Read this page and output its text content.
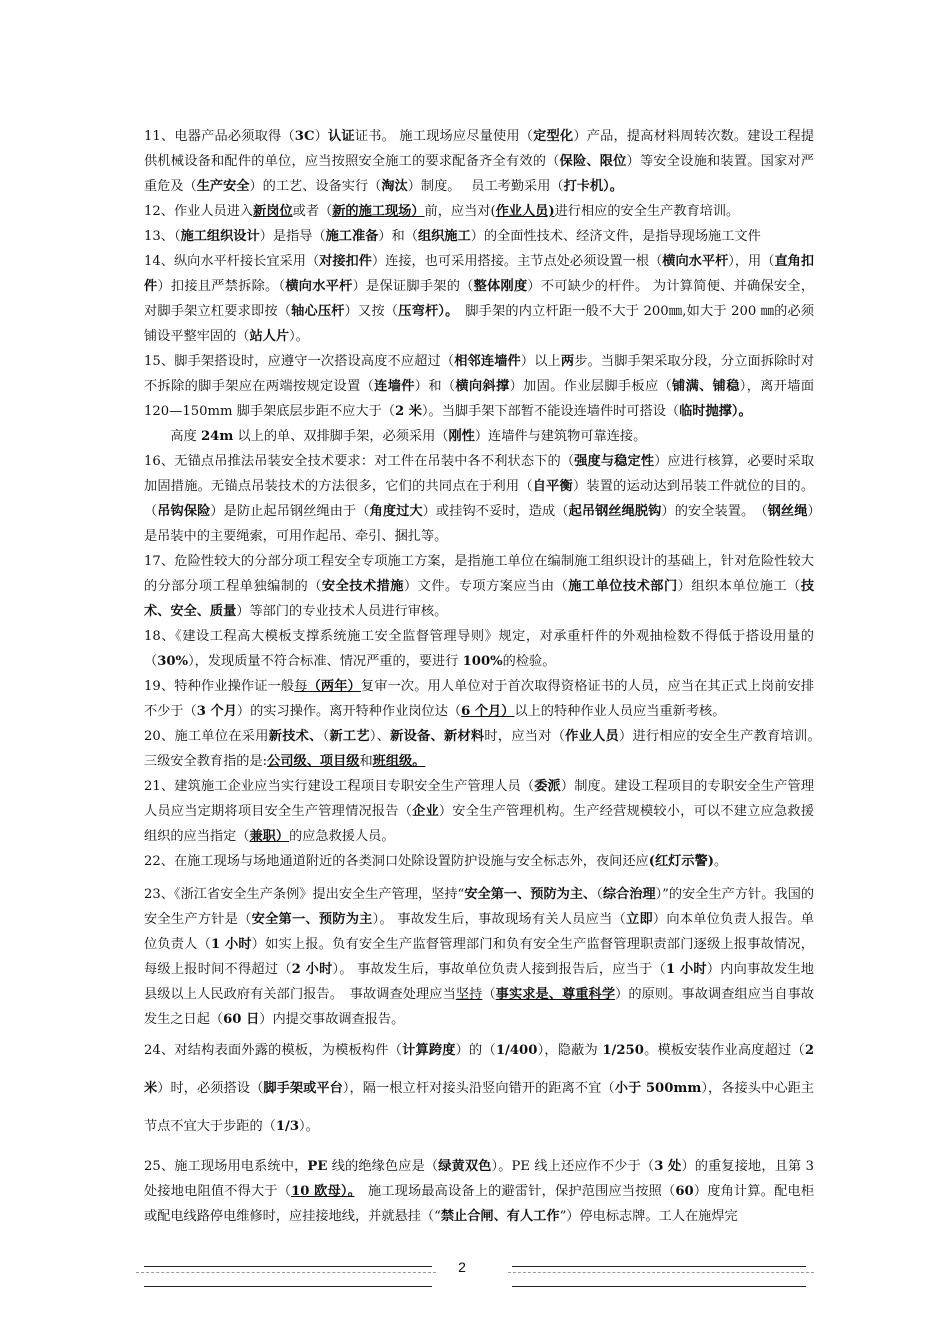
11、电器产品必须取得（3C）认证证书。 施工现场应尽量使用（定型化）产品，提高材料周转次数。建设工程提供机械设备和配件的单位，应当按照安全施工的要求配备齐全有效的（保险、限位）等安全设施和装置。国家对严重危及（生产安全）的工艺、设备实行（淘汰）制度。　 员工考勤采用（打卡机）。

12、作业人员进入新岗位或者（新的施工现场）前，应当对(作业人员)进行相应的安全生产教育培训。

13、（施工组织设计）是指导（施工准备）和（组织施工）的全面性技术、经济文件，是指导现场施工文件

14、纵向水平杆接长宜采用（对接扣件）连接，也可采用搭接。主节点处必须设置一根（横向水平杆），用（直角扣件）扣接且严禁拆除。（横向水平杆）是保证脚手架的（整体刚度）不可缺少的杆件。 为计算简便、并确保安全，对脚手架立杠要求即按（轴心压杆）又按（压弯杆）。　脚手架的内立杆距一般不大于 200㎜,如大于 200 ㎜的必须铺设平整牢固的（站人片）。

15、脚手架搭设时，应遵守一次搭设高度不应超过（相邻连墙件）以上两步。当脚手架采取分段，分立面拆除时对不拆除的脚手架应在两端按规定设置（连墙件）和（横向斜撑）加固。作业层脚手板应（铺满、铺稳），离开墙面 120—150mm 脚手架底层步距不应大于（2 米）。当脚手架下部暂不能设连墙件时可搭设（临时抛撑）。

高度 24m 以上的单、双排脚手架，必须采用（刚性）连墙件与建筑物可靠连接。

16、无锚点吊推法吊装安全技术要求：对工件在吊装中各不利状态下的（强度与稳定性）应进行核算，必要时采取加固措施。无锚点吊装技术的方法很多，它们的共同点在于利用（自平衡）装置的运动达到吊装工件就位的目的。（吊钩保险）是防止起吊钢丝绳由于（角度过大）或挂钩不妥时，造成（起吊钢丝绳脱钩）的安全装置。　（钢丝绳）是吊装中的主要绳索，可用作起吊、牵引、捆扎等。

17、危险性较大的分部分项工程安全专项施工方案，是指施工单位在编制施工组织设计的基础上，针对危险性较大的分部分项工程单独编制的（安全技术措施）文件。专项方案应当由（施工单位技术部门）组织本单位施工（技术、安全、质量）等部门的专业技术人员进行审核。

18、《建设工程高大模板支撑系统施工安全监督管理导则》规定，对承重杆件的外观抽检数不得低于搭设用量的（30%），发现质量不符合标准、情况严重的，要进行 100%的检验。

19、特种作业操作证一般每（两年）复审一次。用人单位对于首次取得资格证书的人员，应当在其正式上岗前安排不少于（3 个月）的实习操作。离开特种作业岗位达（6 个月）以上的特种作业人员应当重新考核。

20、施工单位在采用新技术、（新工艺）、新设备、新材料时，应当对（作业人员）进行相应的安全生产教育培训。　三级安全教育指的是:公司级、项目级和班组级。

21、建筑施工企业应当实行建设工程项目专职安全生产管理人员（委派）制度。建设工程项目的专职安全生产管理人员应当定期将项目安全生产管理情况报告（企业）安全生产管理机构。生产经营规模较小，可以不建立应急救援组织的应当指定（兼职）的应急救援人员。

22、在施工现场与场地通道附近的各类洞口处除设置防护设施与安全标志外，夜间还应(红灯示警)。

23、《浙江省安全生产条例》提出安全生产管理，坚持“安全第一、预防为主、（综合治理）”的安全生产方针。我国的安全生产方针是（安全第一、预防为主）。 事故发生后，事故现场有关人员应当（立即）向本单位负责人报告。单位负责人（1 小时）如实上报。负有安全生产监督管理部门和负有安全生产监督管理职责部门逐级上报事故情况，每级上报时间不得超过（2 小时）。 事故发生后，事故单位负责人接到报告后，应当于（1 小时）内向事故发生地县级以上人民政府有关部门报告。　事故调查处理应当坚持（事实求是、尊重科学）的原则。事故调查组应当自事故发生之日起（60 日）内提交事故调查报告。

24、对结构表面外露的模板，为模板构件（计算跨度）的（1/400），隐蔽为 1/250。模板安装作业高度超过（2 米）时，必须搭设（脚手架或平台），隔一根立杆对接头沿竖向错开的距离不宜（小于 500mm），各接头中心距主节点不宜大于步距的（1/3）。

25、施工现场用电系统中，PE 线的绝缘色应是（绿黄双色）。PE 线上还应作不少于（3 处）的重复接地，且第 3 处接地电阻值不得大于（10 欧母）。　施工现场最高设备上的避雷针，保护范围应当按照（60）度角计算。配电柜或配电线路停电维修时，应挂接地线，并就悬挂（“禁止合闸、有人工作”）停电标志牌。工人在施焊完

2
